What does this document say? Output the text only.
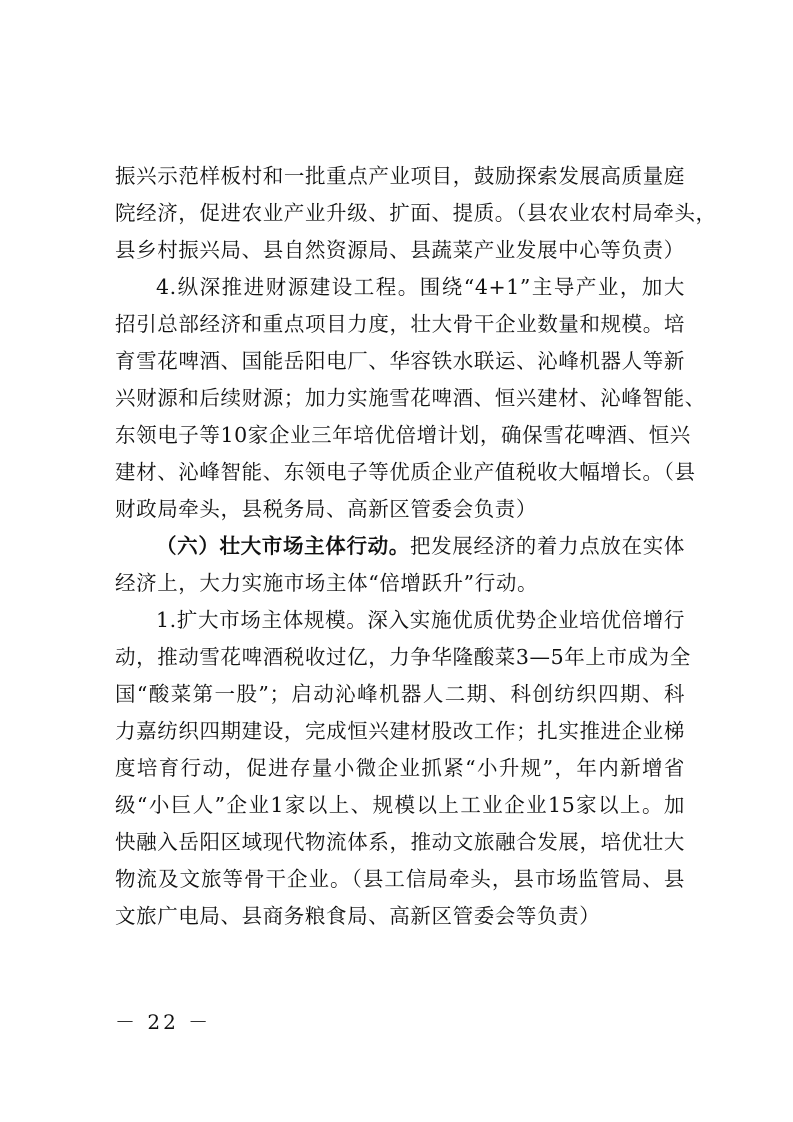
振兴示范样板村和一批重点产业项目，鼓励探索发展高质量庭
院经济，促进农业产业升级、扩面、提质。（县农业农村局牵头，
县乡村振兴局、县自然资源局、县蔬菜产业发展中心等负责）
4.纵深推进财源建设工程。围绕“4+1”主导产业，加大
招引总部经济和重点项目力度，壮大骨干企业数量和规模。培
育雪花啤酒、国能岳阳电厂、华容铁水联运、沁峰机器人等新
兴财源和后续财源；加力实施雪花啤酒、恒兴建材、沁峰智能、
东领电子等10家企业三年培优倍增计划，确保雪花啤酒、恒兴
建材、沁峰智能、东领电子等优质企业产值税收大幅增长。（县
财政局牵头，县税务局、高新区管委会负责）
（六）壮大市场主体行动。把发展经济的着力点放在实体
经济上，大力实施市场主体“倍增跃升”行动。
1.扩大市场主体规模。深入实施优质优势企业培优倍增行
动，推动雪花啤酒税收过亿，力争华隆酸菜3—5年上市成为全
国“酸菜第一股”；启动沁峰机器人二期、科创纺织四期、科
力嘉纺织四期建设，完成恒兴建材股改工作；扎实推进企业梯
度培育行动，促进存量小微企业抓紧“小升规”，年内新增省
级“小巨人”企业1家以上、规模以上工业企业15家以上。加
快融入岳阳区域现代物流体系，推动文旅融合发展，培优壮大
物流及文旅等骨干企业。（县工信局牵头，县市场监管局、县
文旅广电局、县商务粮食局、高新区管委会等负责）
－ 22 －
